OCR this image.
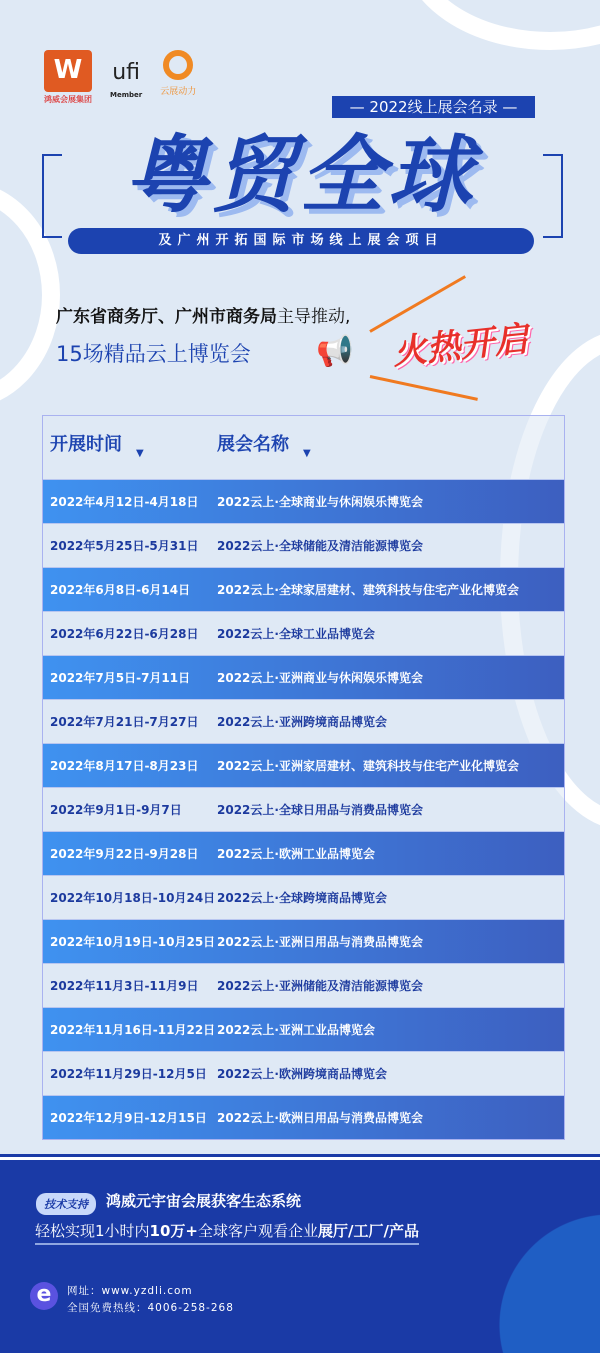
W
鸿威会展集团
ufi
Member 云展动力
— 2022线上展会名录 —
粤贸全球
及广州开拓国际市场线上展会项目
广东省商务厅、广州市商务局主导推动,
15场精品云上博览会 📢 火热开启
开展时间 $_▼$	展会名称 $_▼$
2022年4月12日-4月18日 2022云上·全球商业与休闲娱乐博览会
2022年5月25日-5月31日 2022云上·全球储能及清洁能源博览会
2022年6月8日-6月14日 2022云上·全球家居建材、建筑科技与住宅产业化博览会
2022年6月22日-6月28日 2022云上·全球工业品博览会
2022年7月5日-7月11日 2022云上·亚洲商业与休闲娱乐博览会
2022年7月21日-7月27日 2022云上·亚洲跨境商品博览会
2022年8月17日-8月23日 2022云上·亚洲家居建材、建筑科技与住宅产业化博览会
2022年9月1日-9月7日	2022云上·全球日用品与消费品博览会
2022年9月22日-9月28日 2022云上·欧洲工业品博览会
2022年10月18日-10月24日 2022云上·全球跨境商品博览会
2022年10月19日-10月25日 2022云上·亚洲日用品与消费品博览会
2022年11月3日-11月9日 2022云上·亚洲储能及清洁能源博览会
2022年11月16日-11月22日 2022云上·亚洲工业品博览会
2022年11月29日-12月5日 2022云上·欧洲跨境商品博览会
2022年12月9日-12月15日 2022云上·欧洲日用品与消费品博览会
技术支持	鸿威元宇宙会展获客生态系统
轻松实现1小时内10万+全球客户观看企业展厅/工厂/产品
e	网址：www.yzdli.com
全国免费热线：4006-258-268
